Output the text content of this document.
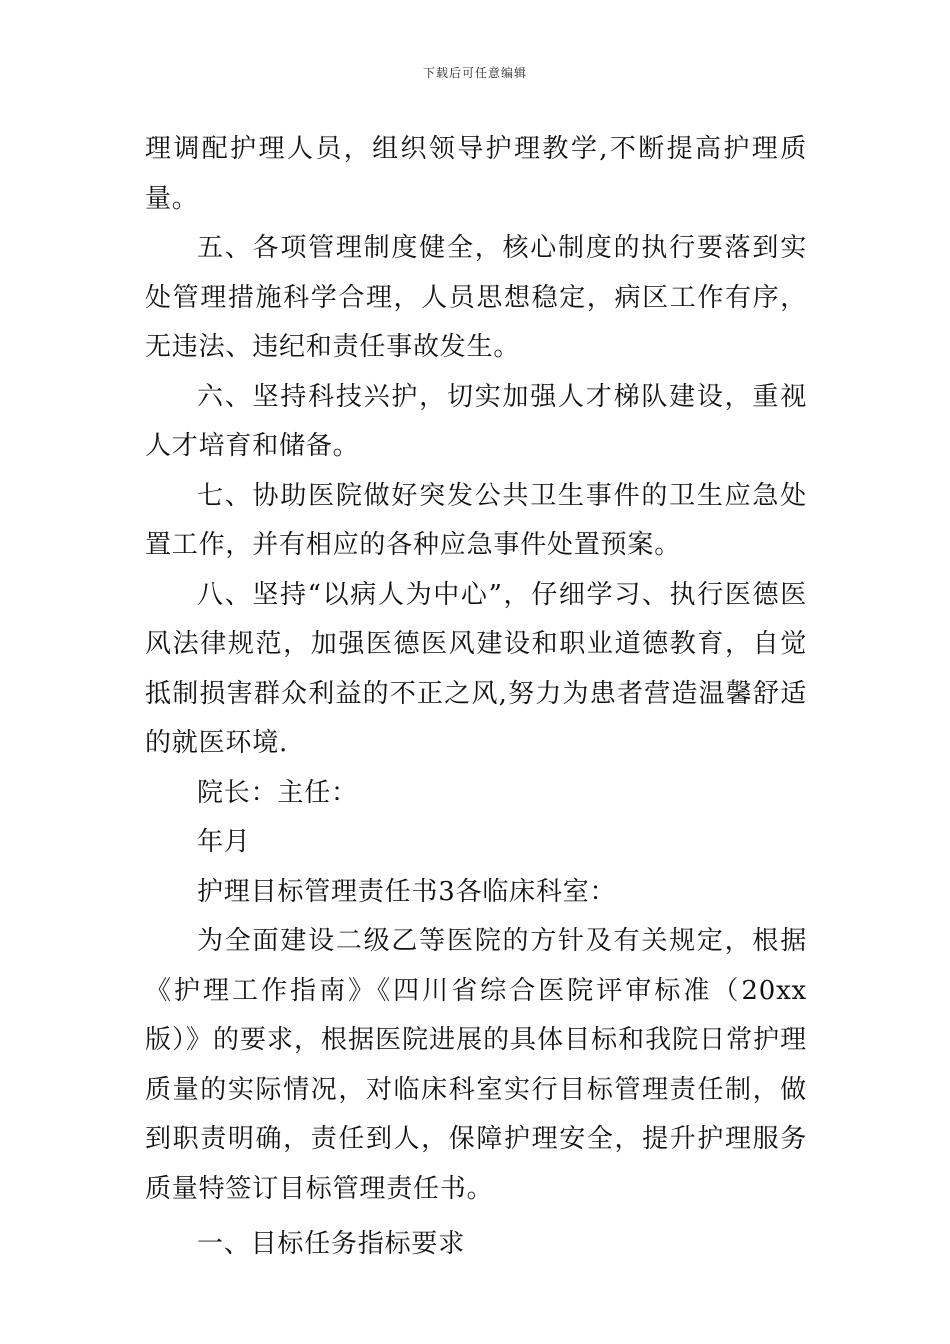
下载后可任意编辑

理调配护理人员，组织领导护理教学,不断提高护理质量。

五、各项管理制度健全，核心制度的执行要落到实处管理措施科学合理，人员思想稳定，病区工作有序，无违法、违纪和责任事故发生。

六、坚持科技兴护，切实加强人才梯队建设，重视人才培育和储备。

七、协助医院做好突发公共卫生事件的卫生应急处置工作，并有相应的各种应急事件处置预案。

八、坚持“以病人为中心”，仔细学习、执行医德医风法律规范，加强医德医风建设和职业道德教育，自觉抵制损害群众利益的不正之风,努力为患者营造温馨舒适的就医环境.

院长：主任：

年月

护理目标管理责任书3各临床科室：

为全面建设二级乙等医院的方针及有关规定，根据《护理工作指南》《四川省综合医院评审标准（20xx版）》的要求，根据医院进展的具体目标和我院日常护理质量的实际情况，对临床科室实行目标管理责任制，做到职责明确，责任到人，保障护理安全，提升护理服务质量特签订目标管理责任书。

一、目标任务指标要求
